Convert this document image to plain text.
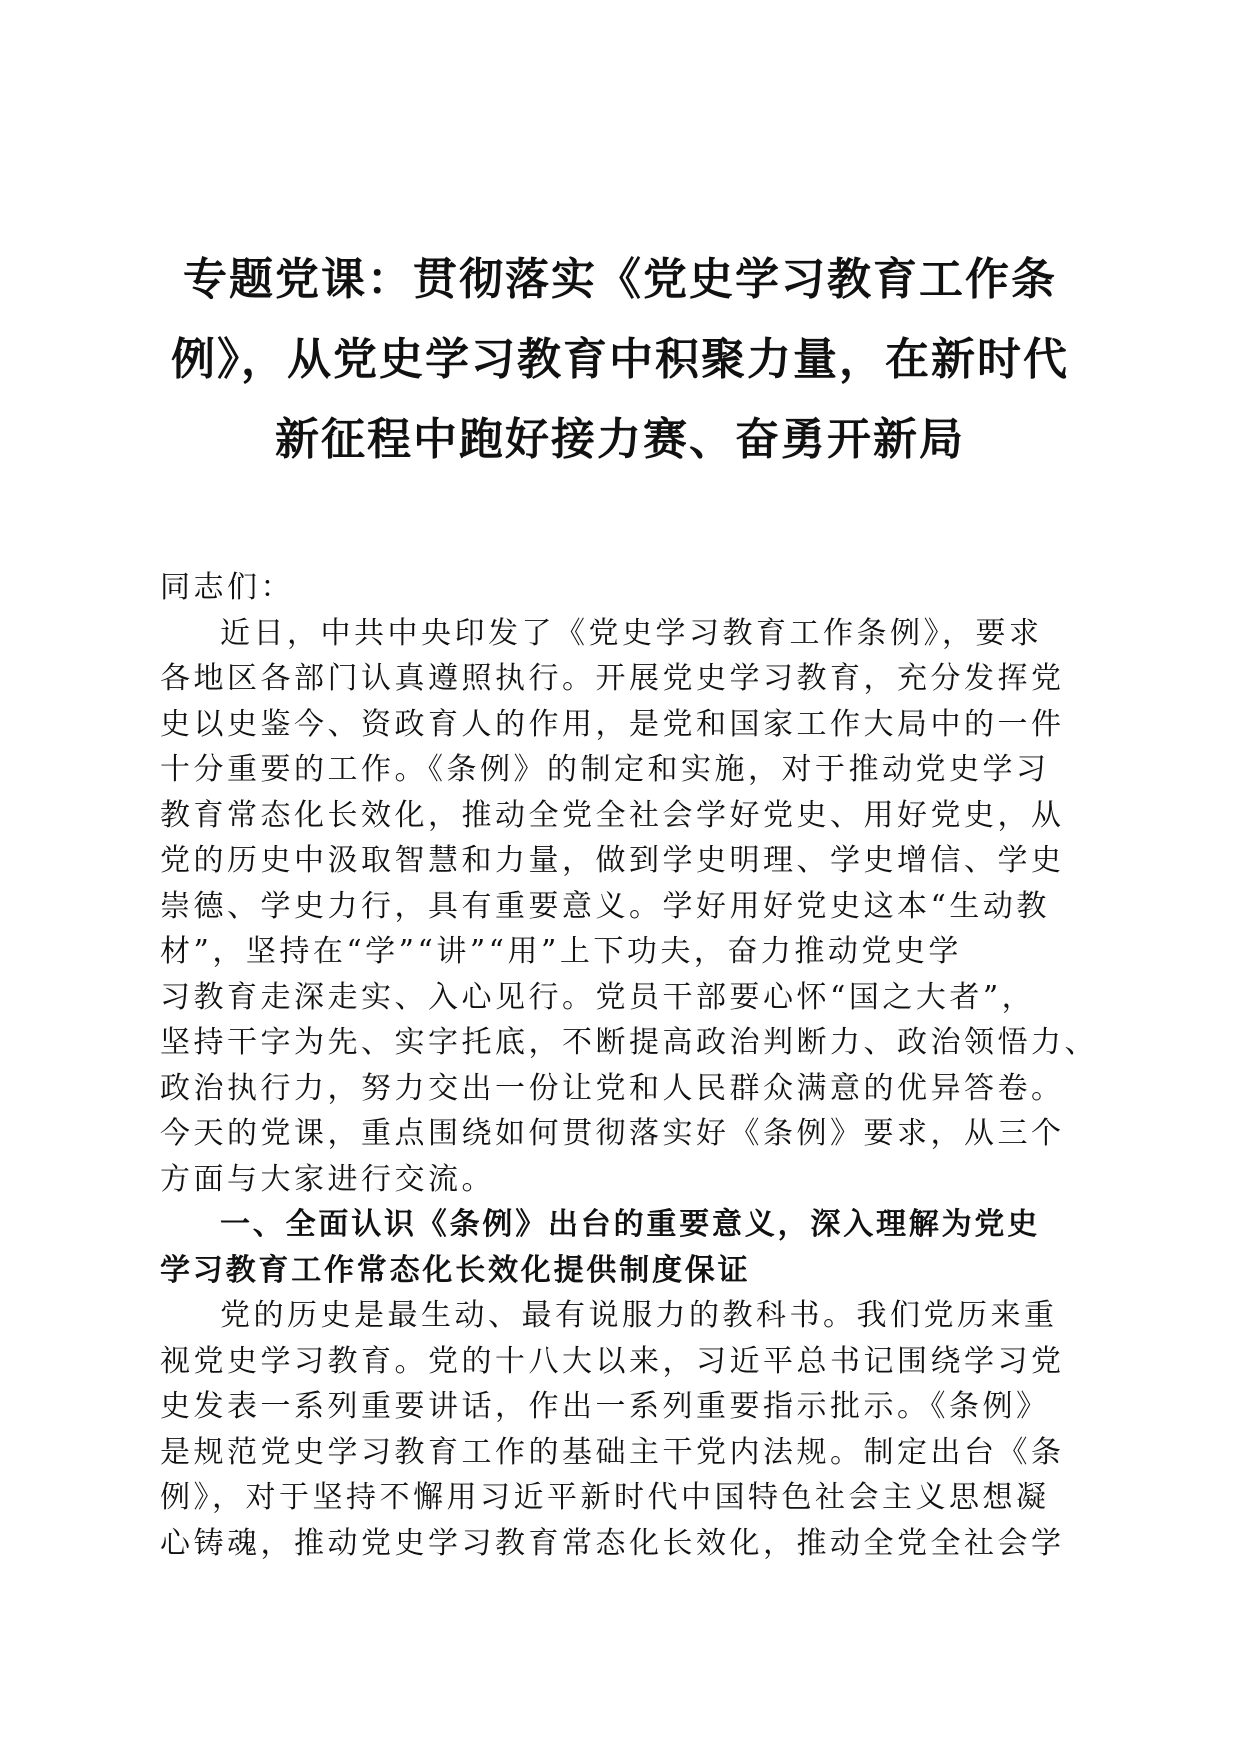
专题党课：贯彻落实《党史学习教育工作条
例》，从党史学习教育中积聚力量，在新时代
新征程中跑好接力赛、奋勇开新局
同志们：
近日，中共中央印发了《党史学习教育工作条例》，要求
各地区各部门认真遵照执行。开展党史学习教育，充分发挥党
史以史鉴今、资政育人的作用，是党和国家工作大局中的一件
十分重要的工作。《条例》的制定和实施，对于推动党史学习
教育常态化长效化，推动全党全社会学好党史、用好党史，从
党的历史中汲取智慧和力量，做到学史明理、学史增信、学史
崇德、学史力行，具有重要意义。学好用好党史这本“生动教
材”，坚持在“学”“讲”“用”上下功夫，奋力推动党史学
习教育走深走实、入心见行。党员干部要心怀“国之大者”，
坚持干字为先、实字托底，不断提高政治判断力、政治领悟力、
政治执行力，努力交出一份让党和人民群众满意的优异答卷。
今天的党课，重点围绕如何贯彻落实好《条例》要求，从三个
方面与大家进行交流。
一、全面认识《条例》出台的重要意义，深入理解为党史
学习教育工作常态化长效化提供制度保证
党的历史是最生动、最有说服力的教科书。我们党历来重
视党史学习教育。党的十八大以来，习近平总书记围绕学习党
史发表一系列重要讲话，作出一系列重要指示批示。《条例》
是规范党史学习教育工作的基础主干党内法规。制定出台《条
例》，对于坚持不懈用习近平新时代中国特色社会主义思想凝
心铸魂，推动党史学习教育常态化长效化，推动全党全社会学
